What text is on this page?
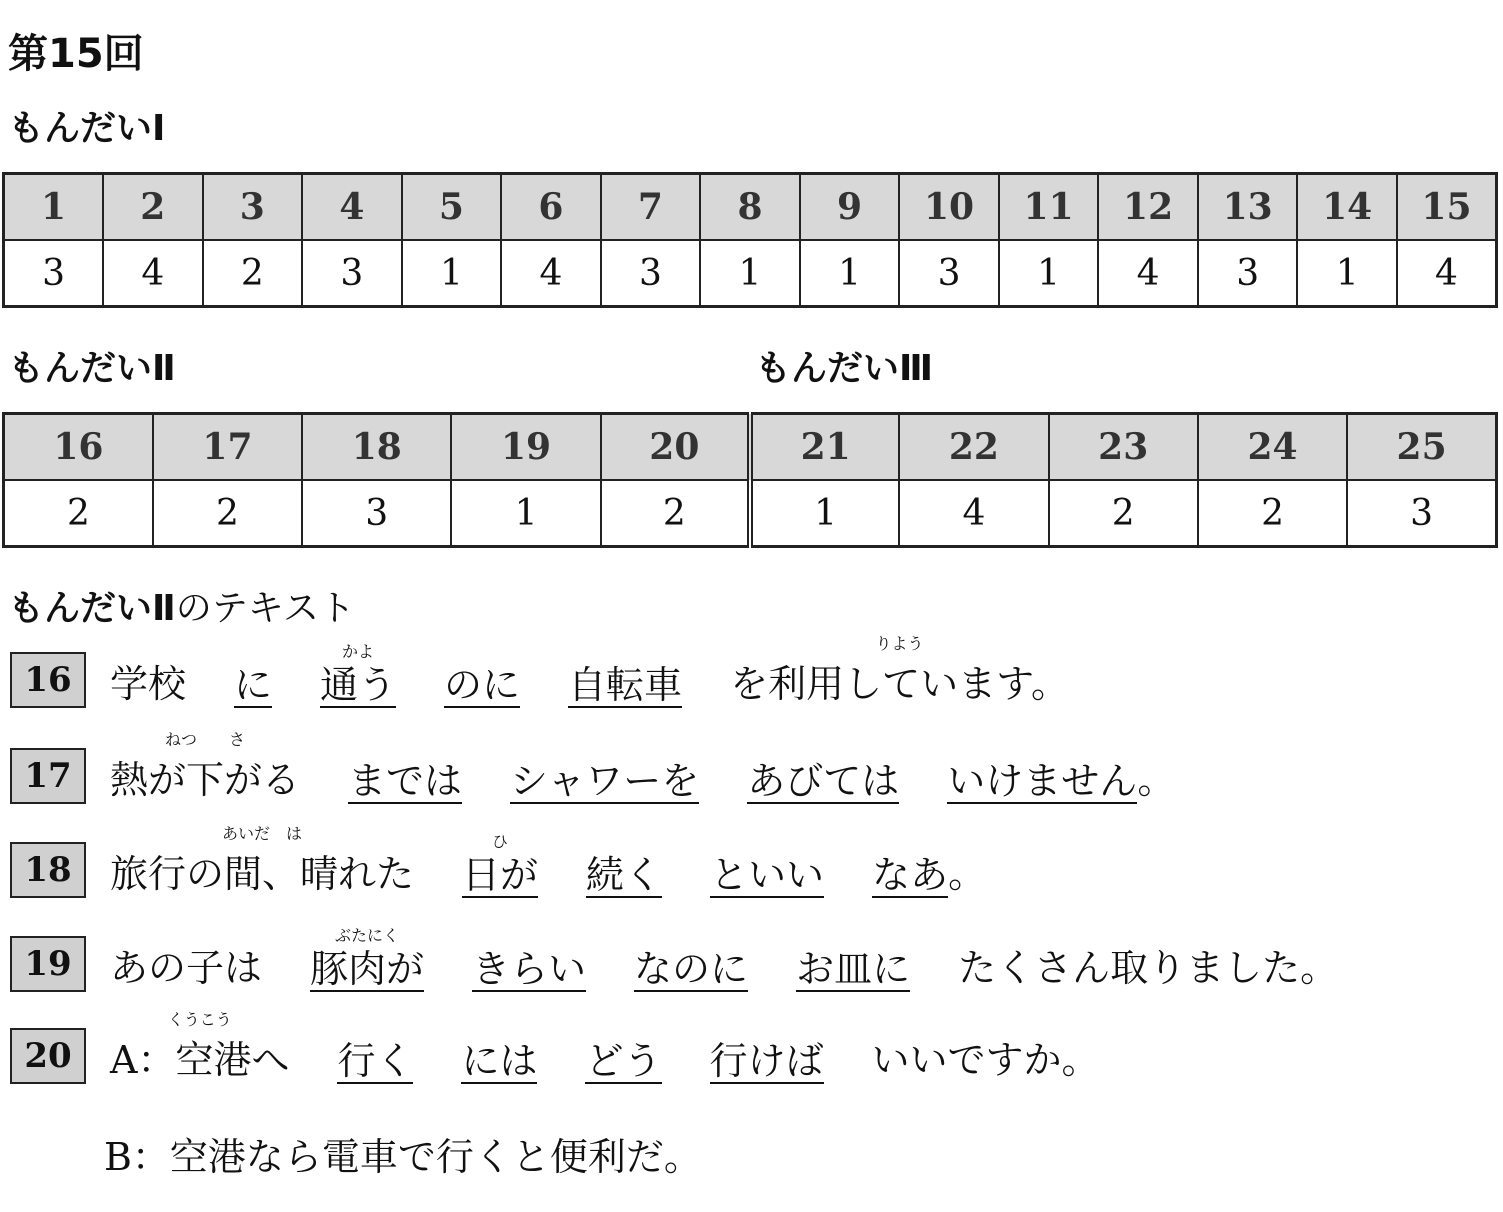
第15回
もんだいⅠ
1	2	3	4	5	6	7	8	9	10	11	12	13	14	15
3	4	2	3	1	4	3	1	1	3	1	4	3	1	4
もんだいⅡ	もんだいⅢ
16	17	18	19	20	21	22	23	24	25
2	2	3	1	2	1	4	2	2	3
もんだいⅡのテキスト
16	学校 に
かよ
通う のに 自転車
りよう
を利用しています。
17
ねつ　　さ
熱が下がる までは シャワーを あびては いけません 。
18
あいだ　は
旅行の間、晴れた
ひ
日が 続く といい なあ 。
19	あの子は
ぶたにく
豚肉が きらい なのに お皿に たくさん取りました。
20
くうこう
A：空港へ 行く には どう 行けば いいですか。
B：空港なら電車で行くと便利だ。
